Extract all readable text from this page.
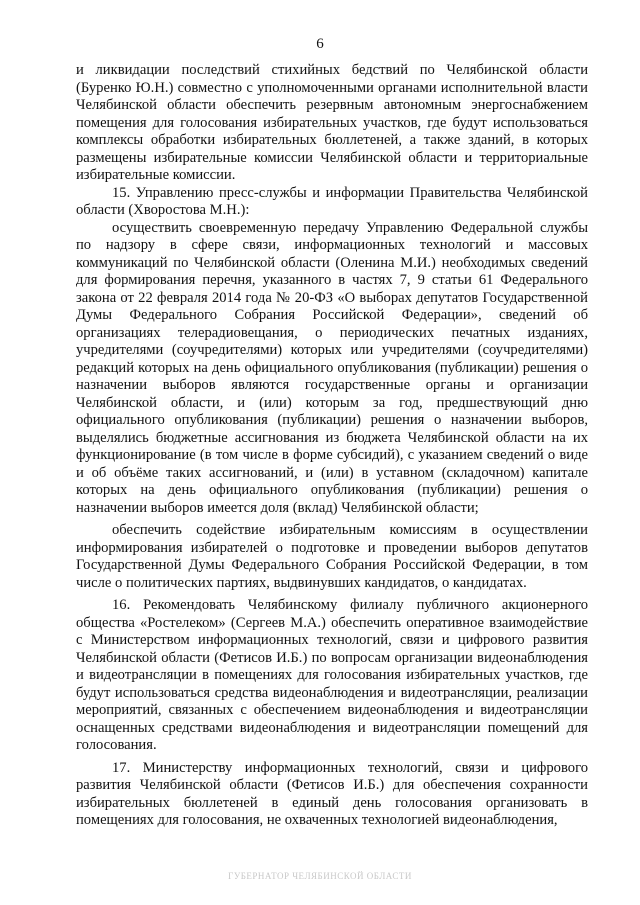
6

и ликвидации последствий стихийных бедствий по Челябинской области (Буренко Ю.Н.) совместно с уполномоченными органами исполнительной власти Челябинской области обеспечить резервным автономным энергоснабжением помещения для голосования избирательных участков, где будут использоваться комплексы обработки избирательных бюллетеней, а также зданий, в которых размещены избирательные комиссии Челябинской области и территориальные избирательные комиссии.

15. Управлению пресс-службы и информации Правительства Челябинской области (Хворостова М.Н.):

осуществить своевременную передачу Управлению Федеральной службы по надзору в сфере связи, информационных технологий и массовых коммуникаций по Челябинской области (Оленина М.И.) необходимых сведений для формирования перечня, указанного в частях 7, 9 статьи 61 Федерального закона от 22 февраля 2014 года № 20-ФЗ «О выборах депутатов Государственной Думы Федерального Собрания Российской Федерации», сведений об организациях телерадиовещания, о периодических печатных изданиях, учредителями (соучредителями) которых или учредителями (соучредителями) редакций которых на день официального опубликования (публикации) решения о назначении выборов являются государственные органы и организации Челябинской области, и (или) которым за год, предшествующий дню официального опубликования (публикации) решения о назначении выборов, выделялись бюджетные ассигнования из бюджета Челябинской области на их функционирование (в том числе в форме субсидий), с указанием сведений о виде и об объёме таких ассигнований, и (или) в уставном (складочном) капитале которых на день официального опубликования (публикации) решения о назначении выборов имеется доля (вклад) Челябинской области;

обеспечить содействие избирательным комиссиям в осуществлении информирования избирателей о подготовке и проведении выборов депутатов Государственной Думы Федерального Собрания Российской Федерации, в том числе о политических партиях, выдвинувших кандидатов, о кандидатах.

16. Рекомендовать Челябинскому филиалу публичного акционерного общества «Ростелеком» (Сергеев М.А.) обеспечить оперативное взаимодействие с Министерством информационных технологий, связи и цифрового развития Челябинской области (Фетисов И.Б.) по вопросам организации видеонаблюдения и видеотрансляции в помещениях для голосования избирательных участков, где будут использоваться средства видеонаблюдения и видеотрансляции, реализации мероприятий, связанных с обеспечением видеонаблюдения и видеотрансляции оснащенных средствами видеонаблюдения и видеотрансляции помещений для голосования.

17. Министерству информационных технологий, связи и цифрового развития Челябинской области (Фетисов И.Б.) для обеспечения сохранности избирательных бюллетеней в единый день голосования организовать в помещениях для голосования, не охваченных технологией видеонаблюдения,

ГУБЕРНАТОР ЧЕЛЯБИНСКОЙ ОБЛАСТИ
